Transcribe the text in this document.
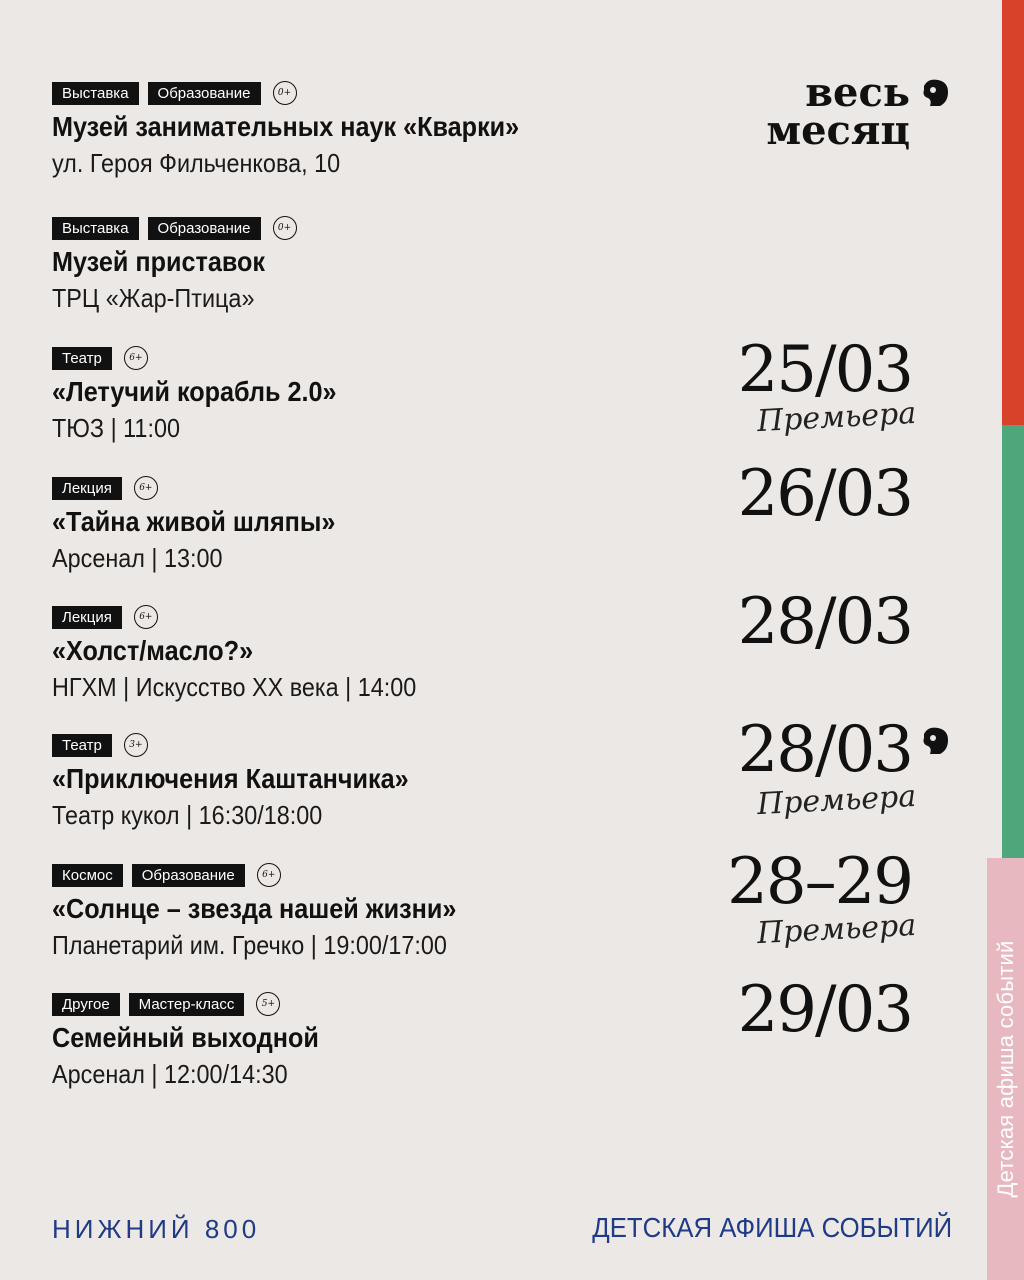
Детская афиша событий
весь
месяц
Выставка	Образование	0+
Музей занимательных наук «Кварки»
ул. Героя Фильченкова, 10
Выставка	Образование	0+
Музей приставок
ТРЦ «Жар-Птица»
Театр	6+
«Летучий корабль 2.0»
ТЮЗ | 11:00
25/03
Премьера
Лекция	6+
«Тайна живой шляпы»
Арсенал | 13:00
26/03
Лекция	6+
«Холст/масло?»
НГХМ | Искусство XX века | 14:00
28/03
Театр	3+
«Приключения Каштанчика»
Театр кукол | 16:30/18:00
28/03
Премьера
Космос	Образование	6+
«Солнце – звезда нашей жизни»
Планетарий им. Гречко | 19:00/17:00
28–29
Премьера
Другое	Мастер-класс	5+
Семейный выходной
Арсенал | 12:00/14:30
29/03
НИЖНИЙ 800	ДЕТСКАЯ АФИША СОБЫТИЙ
